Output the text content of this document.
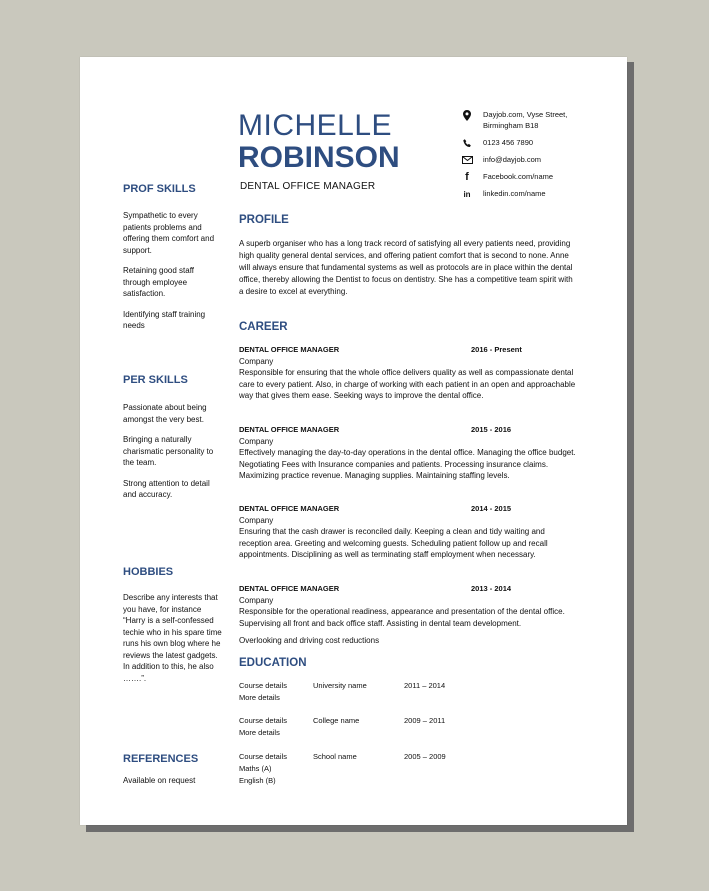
MICHELLE
ROBINSON
DENTAL OFFICE MANAGER
Dayjob.com, Vyse Street,
Birmingham B18
0123 456 7890
info@dayjob.com
f	Facebook.com/name
in	linkedin.com/name
PROF SKILLS

Sympathetic to every patients problems and offering them comfort and support.

Retaining good staff through employee satisfaction.

Identifying staff training needs

PER SKILLS

Passionate about being amongst the very best.

Bringing a naturally charismatic personality to the team.

Strong attention to detail and accuracy.

HOBBIES

Describe any interests that you have, for instance “Harry is a self-confessed techie who in his spare time runs his own blog where he reviews the latest gadgets. In addition to this, he also …….”.

REFERENCES

Available on request

PROFILE
A superb organiser who has a long track record of satisfying all every patients need, providing high quality general dental services, and offering patient comfort that is second to none. Anne will always ensure that fundamental systems as well as protocols are in place within the dental office, thereby allowing the Dentist to focus on dentistry. She has a competitive team spirit with a desire to excel at everything.
CAREER
DENTAL OFFICE MANAGER	2016 - Present
Company
Responsible for ensuring that the whole office delivers quality as well as compassionate dental care to every patient. Also, in charge of working with each patient in an open and approachable way that gives them ease. Seeking ways to improve the dental office.
DENTAL OFFICE MANAGER	2015 - 2016
Company
Effectively managing the day-to-day operations in the dental office. Managing the office budget. Negotiating Fees with Insurance companies and patients. Processing insurance claims. Maximizing practice revenue. Managing supplies. Maintaining staffing levels.
DENTAL OFFICE MANAGER	2014 - 2015
Company
Ensuring that the cash drawer is reconciled daily. Keeping a clean and tidy waiting and reception area. Greeting and welcoming guests. Scheduling patient follow up and recall appointments. Disciplining as well as terminating staff employment when necessary.
DENTAL OFFICE MANAGER	2013 - 2014
Company
Responsible for the operational readiness, appearance and presentation of the dental office. Supervising all front and back office staff. Assisting in dental team development.
Overlooking and driving cost reductions
EDUCATION
Course details	University name	2011 – 2014
More details
Course details	College name	2009 – 2011
More details
Course details	School name	2005 – 2009
Maths (A)
English (B)
